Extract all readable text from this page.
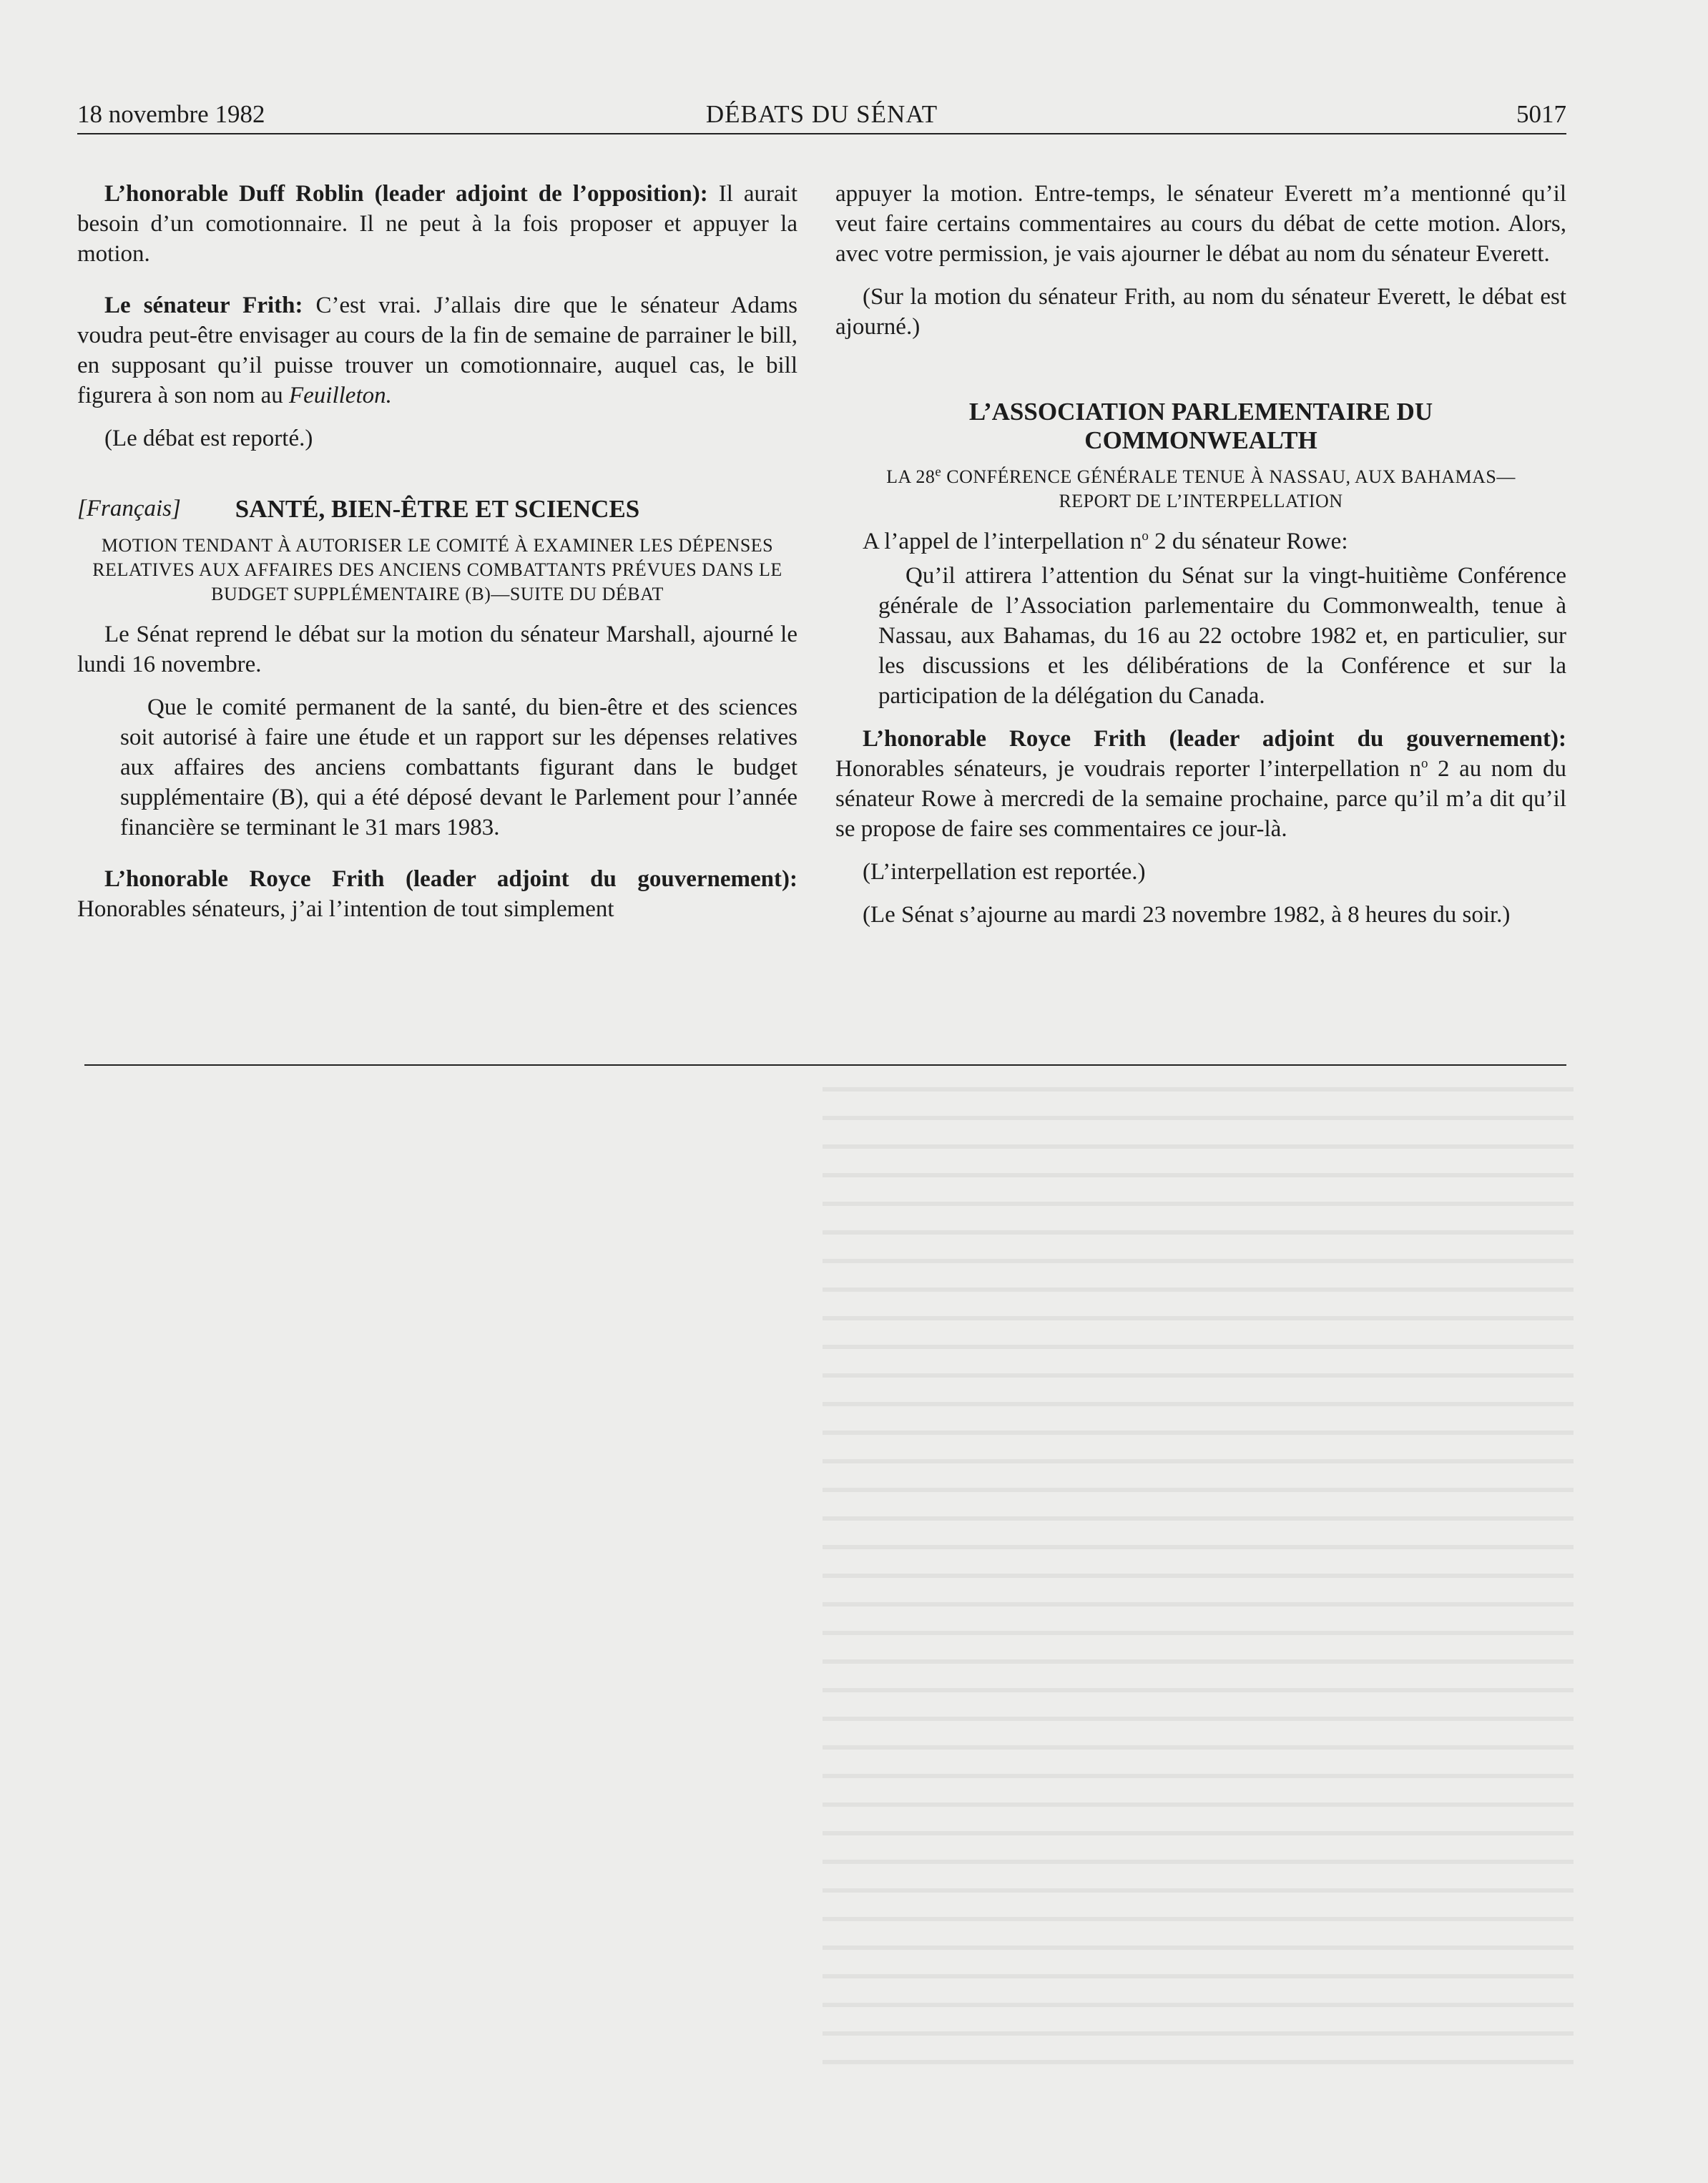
18 novembre 1982	DÉBATS DU SÉNAT	5017

L’honorable Duff Roblin (leader adjoint de l’opposition): Il aurait besoin d’un comotionnaire. Il ne peut à la fois proposer et appuyer la motion.

Le sénateur Frith: C’est vrai. J’allais dire que le sénateur Adams voudra peut-être envisager au cours de la fin de semaine de parrainer le bill, en supposant qu’il puisse trouver un comotionnaire, auquel cas, le bill figurera à son nom au Feuilleton.

(Le débat est reporté.)

[Français]	SANTÉ, BIEN-ÊTRE ET SCIENCES
MOTION TENDANT À AUTORISER LE COMITÉ À EXAMINER LES DÉPENSES RELATIVES AUX AFFAIRES DES ANCIENS COMBATTANTS PRÉVUES DANS LE BUDGET SUPPLÉMENTAIRE (B)—SUITE DU DÉBAT

Le Sénat reprend le débat sur la motion du sénateur Marshall, ajourné le lundi 16 novembre.

Que le comité permanent de la santé, du bien-être et des sciences soit autorisé à faire une étude et un rapport sur les dépenses relatives aux affaires des anciens combattants figurant dans le budget supplémentaire (B), qui a été déposé devant le Parlement pour l’année financière se terminant le 31 mars 1983.

L’honorable Royce Frith (leader adjoint du gouvernement): Honorables sénateurs, j’ai l’intention de tout simplement

appuyer la motion. Entre-temps, le sénateur Everett m’a mentionné qu’il veut faire certains commentaires au cours du débat de cette motion. Alors, avec votre permission, je vais ajourner le débat au nom du sénateur Everett.

(Sur la motion du sénateur Frith, au nom du sénateur Everett, le débat est ajourné.)

L’ASSOCIATION PARLEMENTAIRE DU COMMONWEALTH
LA 28e CONFÉRENCE GÉNÉRALE TENUE À NASSAU, AUX BAHAMAS—REPORT DE L’INTERPELLATION

A l’appel de l’interpellation $n^o$ 2 du sénateur Rowe:

Qu’il attirera l’attention du Sénat sur la vingt-huitième Conférence générale de l’Association parlementaire du Commonwealth, tenue à Nassau, aux Bahamas, du 16 au 22 octobre 1982 et, en particulier, sur les discussions et les délibérations de la Conférence et sur la participation de la délégation du Canada.

L’honorable Royce Frith (leader adjoint du gouvernement): Honorables sénateurs, je voudrais reporter l’interpellation $n^o$ 2 au nom du sénateur Rowe à mercredi de la semaine prochaine, parce qu’il m’a dit qu’il se propose de faire ses commentaires ce jour-là.

(L’interpellation est reportée.)

(Le Sénat s’ajourne au mardi 23 novembre 1982, à 8 heures du soir.)
